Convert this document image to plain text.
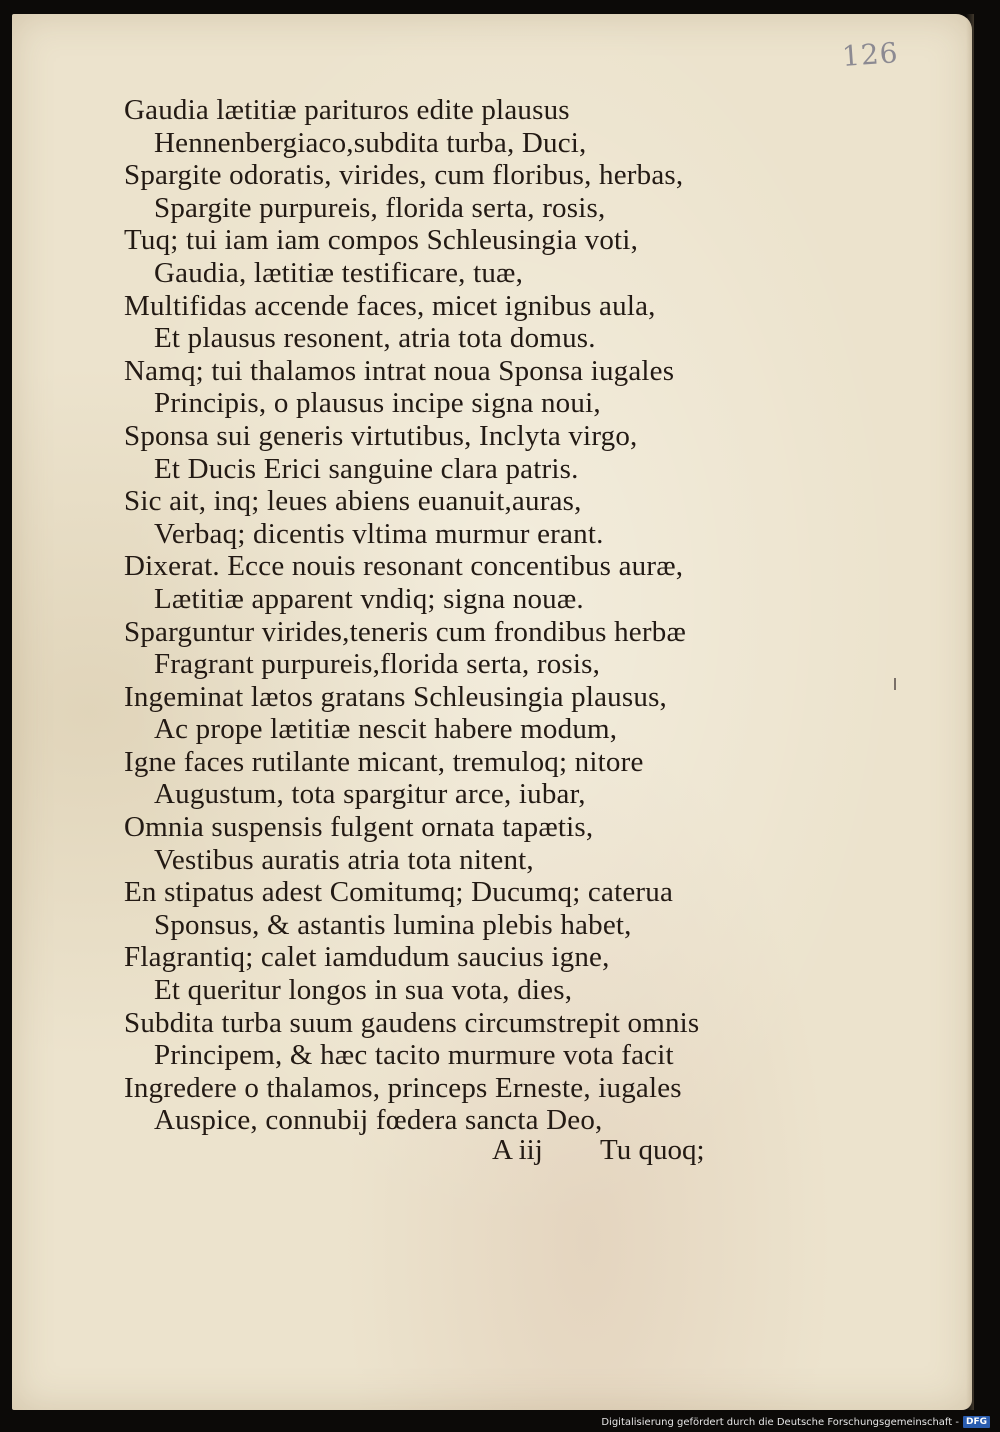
126
Gaudia lætitiæ parituros edite plausus
Hennenbergiaco,subdita turba, Duci,
Spargite odoratis, virides, cum floribus, herbas,
Spargite purpureis, florida serta, rosis,
Tuq; tui iam iam compos Schleusingia voti,
Gaudia, lætitiæ testificare, tuæ,
Multifidas accende faces, micet ignibus aula,
Et plausus resonent, atria tota domus.
Namq; tui thalamos intrat noua Sponsa iugales
Principis, o plausus incipe signa noui,
Sponsa sui generis virtutibus, Inclyta virgo,
Et Ducis Erici sanguine clara patris.
Sic ait, inq; leues abiens euanuit,auras,
Verbaq; dicentis vltima murmur erant.
Dixerat. Ecce nouis resonant concentibus auræ,
Lætitiæ apparent vndiq; signa nouæ.
Sparguntur virides,teneris cum frondibus herbæ
Fragrant purpureis,florida serta, rosis,
Ingeminat lætos gratans Schleusingia plausus,
Ac prope lætitiæ nescit habere modum,
Igne faces rutilante micant, tremuloq; nitore
Augustum, tota spargitur arce, iubar,
Omnia suspensis fulgent ornata tapætis,
Vestibus auratis atria tota nitent,
En stipatus adest Comitumq; Ducumq; caterua
Sponsus, & astantis lumina plebis habet,
Flagrantiq; calet iamdudum saucius igne,
Et queritur longos in sua vota, dies,
Subdita turba suum gaudens circumstrepit omnis
Principem, & hæc tacito murmure vota facit
Ingredere o thalamos, princeps Erneste, iugales
Auspice, connubij fœdera sancta Deo,
A iij Tu quoq;
Digitalisierung gefördert durch die Deutsche Forschungsgemeinschaft - DFG
